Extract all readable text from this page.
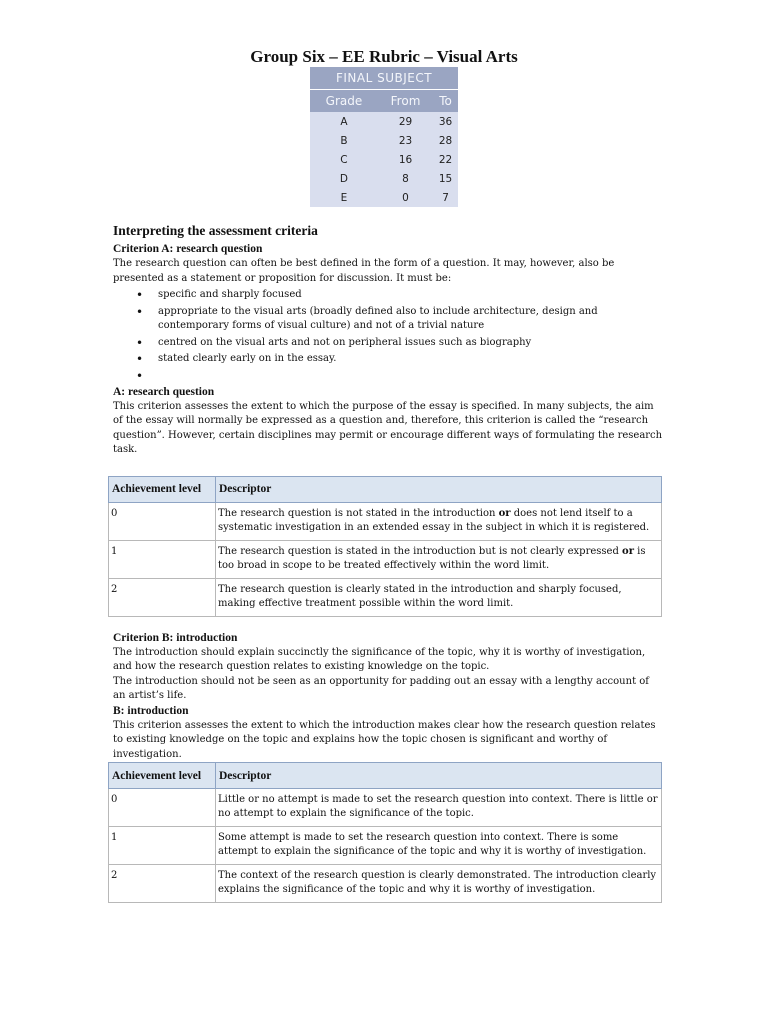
Group Six – EE Rubric – Visual Arts
FINAL SUBJECT		
Grade	From	To
A	29	36
B	23	28
C	16	22
D	8	15
E	0	7
Interpreting the assessment criteria
Criterion A: research question

The research question can often be best defined in the form of a question. It may, however, also be presented as a statement or proposition for discussion. It must be:

• specific and sharply focused
• appropriate to the visual arts (broadly defined also to include architecture, design and contemporary forms of visual culture) and not of a trivial nature
• centred on the visual arts and not on peripheral issues such as biography
• stated clearly early on in the essay.
•
A: research question

This criterion assesses the extent to which the purpose of the essay is specified. In many subjects, the aim of the essay will normally be expressed as a question and, therefore, this criterion is called the “research question”. However, certain disciplines may permit or encourage different ways of formulating the research task.

Achievement level	Descriptor
0	The research question is not stated in the introduction or does not lend itself to a systematic investigation in an extended essay in the subject in which it is registered.
1	The research question is stated in the introduction but is not clearly expressed or is too broad in scope to be treated effectively within the word limit.
2	The research question is clearly stated in the introduction and sharply focused, making effective treatment possible within the word limit.
Criterion B: introduction

The introduction should explain succinctly the significance of the topic, why it is worthy of investigation, and how the research question relates to existing knowledge on the topic.

The introduction should not be seen as an opportunity for padding out an essay with a lengthy account of an artist’s life.

B: introduction

This criterion assesses the extent to which the introduction makes clear how the research question relates to existing knowledge on the topic and explains how the topic chosen is significant and worthy of investigation.

Achievement level	Descriptor
0	Little or no attempt is made to set the research question into context. There is little or no attempt to explain the significance of the topic.
1	Some attempt is made to set the research question into context. There is some attempt to explain the significance of the topic and why it is worthy of investigation.
2	The context of the research question is clearly demonstrated. The introduction clearly explains the significance of the topic and why it is worthy of investigation.
